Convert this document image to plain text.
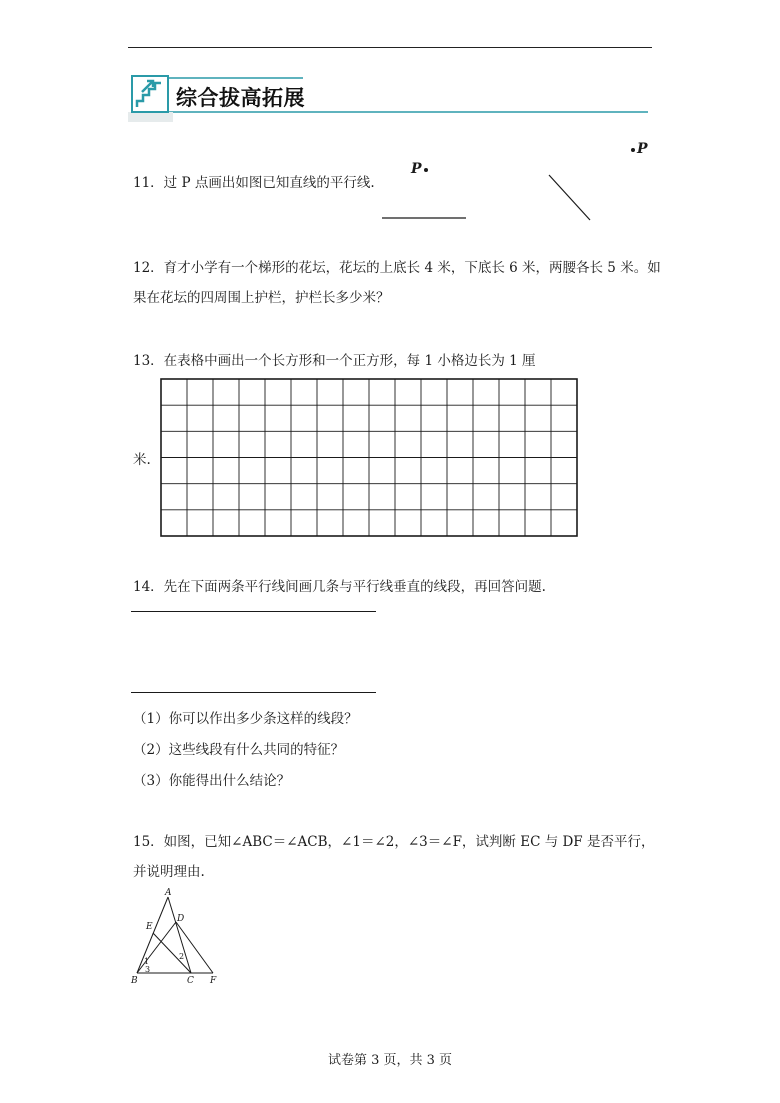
综合拔高拓展
11．过 P 点画出如图已知直线的平行线.
P
P
12．育才小学有一个梯形的花坛，花坛的上底长 4 米，下底长 6 米，两腰各长 5 米。如
果在花坛的四周围上护栏，护栏长多少米？
13．在表格中画出一个长方形和一个正方形，每 1 小格边长为 1 厘
米.
14．先在下面两条平行线间画几条与平行线垂直的线段，再回答问题.
（1）你可以作出多少条这样的线段？
（2）这些线段有什么共同的特征？
（3）你能得出什么结论？
15．如图，已知∠ABC＝∠ACB，∠1＝∠2，∠3＝∠F，试判断 EC 与 DF 是否平行，
并说明理由.
A
B	C
D
E
F
1
2
3
试卷第 3 页，共 3 页
